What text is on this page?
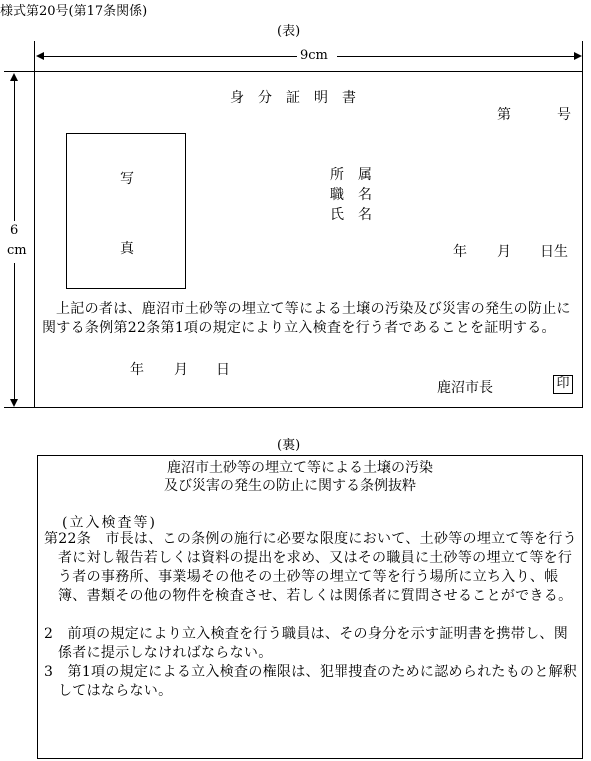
様式第20号(第17条関係)
(表)
9cm
6
cm
身分証明書
第	号
写
真
所属
職名
氏名
年 月 日生
上記の者は、鹿沼市土砂等の埋立て等による土壌の汚染及び災害の発生の防止に関する条例第22条第1項の規定により立入検査を行う者であることを証明する。
年 月 日
鹿沼市長	印
(裏)
鹿沼市土砂等の埋立て等による土壌の汚染
及び災害の発生の防止に関する条例抜粋
(立入検査等)
第22条　 市長は、この条例の施行に必要な限度において、土砂等の埋立て等を行う者に対し報告若しくは資料の提出を求め、又はその職員に土砂等の埋立て等を行う者の事務所、事業場その他その土砂等の埋立て等を行う場所に立ち入り、帳簿、書類その他の物件を検査させ、若しくは関係者に質問させることができる。
2　 前項の規定により立入検査を行う職員は、その身分を示す証明書を携帯し、関係者に提示しなければならない。
3　 第1項の規定による立入検査の権限は、犯罪捜査のために認められたものと解釈してはならない。
